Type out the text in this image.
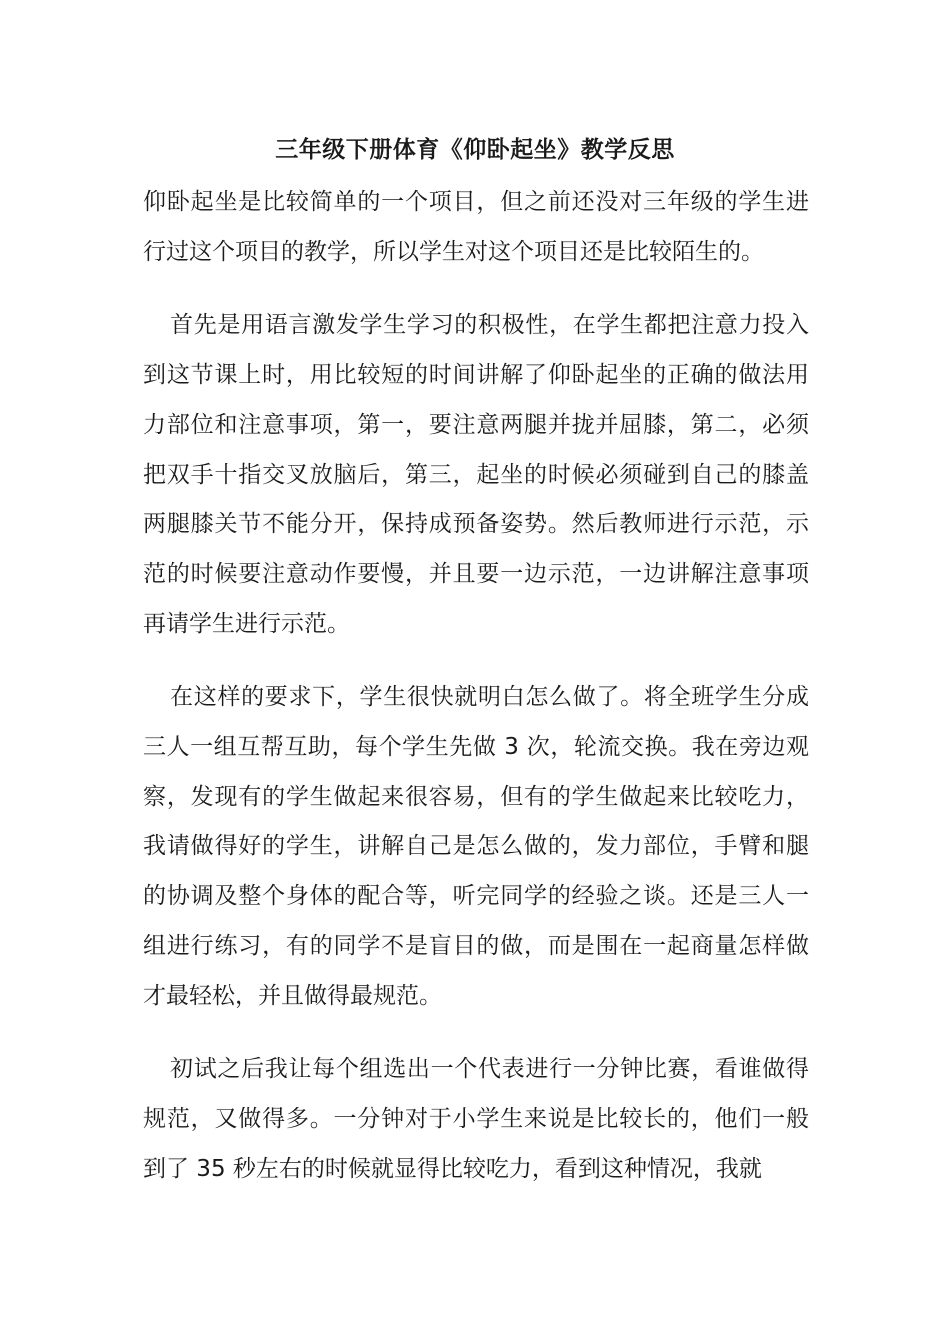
三年级下册体育《仰卧起坐》教学反思

仰卧起坐是比较简单的一个项目，但之前还没对三年级的学生进行过这个项目的教学，所以学生对这个项目还是比较陌生的。

首先是用语言激发学生学习的积极性，在学生都把注意力投入到这节课上时，用比较短的时间讲解了仰卧起坐的正确的做法用力部位和注意事项，第一，要注意两腿并拢并屈膝，第二，必须把双手十指交叉放脑后，第三，起坐的时候必须碰到自己的膝盖两腿膝关节不能分开，保持成预备姿势。然后教师进行示范，示范的时候要注意动作要慢，并且要一边示范，一边讲解注意事项再请学生进行示范。

在这样的要求下，学生很快就明白怎么做了。将全班学生分成三人一组互帮互助，每个学生先做 3 次，轮流交换。我在旁边观察，发现有的学生做起来很容易，但有的学生做起来比较吃力，我请做得好的学生，讲解自己是怎么做的，发力部位，手臂和腿的协调及整个身体的配合等，听完同学的经验之谈。还是三人一组进行练习，有的同学不是盲目的做，而是围在一起商量怎样做才最轻松，并且做得最规范。

初试之后我让每个组选出一个代表进行一分钟比赛，看谁做得规范，又做得多。一分钟对于小学生来说是比较长的，他们一般到了 35 秒左右的时候就显得比较吃力，看到这种情况，我就
